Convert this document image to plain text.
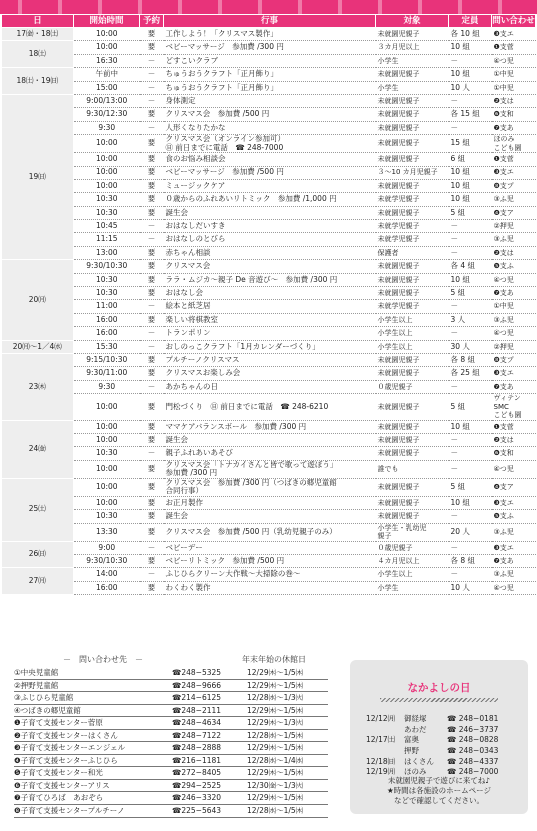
日	開始時間	予約	行事	対象	定員	問い合わせ
17㈮・18㈯	10:00	要	工作しよう！「クリスマス製作」	未就園児親子	各 10 組	❸支エ
18㈯	10:00	要	ベビーマッサージ　参加費 /300 円	３カ月児以上	10 組	❶支菅
	16:30	－	どすこいクラブ	小学生	－	④つ児
18㈯・19㈰	午前中	－	ちゅうおうクラフト「正月飾り」	未就園児親子	10 組	①中児
	15:00	－	ちゅうおうクラフト「正月飾り」	小学生	10 人	①中児
19㈰	9:00/13:00	－	身体測定	未就園児親子	－	❷支は
	9:30/12:30	要	クリスマス会　参加費 /500 円	未就園児親子	各 15 組	❻支和
	9:30	－	人形くなりたかな	未就園児親子	－	❼支あ
	10:00	要	クリスマス会（オンライン参加可）
㊐ 前日までに電話　☎ 248-7000	未就園児親子	15 組	ほのみ
こども園
	10:00	要	食のお悩み相談会	未就園児親子	6 組	❶支菅
	10:00	要	ベビーマッサージ　参加費 /500 円	３〜10 カ月児親子	10 組	❸支エ
	10:00	要	ミュージックケア	未就園児親子	10 組	❽支プ
	10:30	要	０歳からのふれあいリトミック　参加費 /1,000 円	未就学児親子	10 組	③ふ児
	10:30	要	誕生会	未就園児親子	5 組	❹支ア
	10:45	－	おはなしだいすき	未就学児親子	－	②押児
	11:15	－	おはなしのとびら	未就学児親子	－	③ふ児
	13:00	要	赤ちゃん相談	保護者	－	❷支は
20㈪	9:30/10:30	要	クリスマス会	未就園児親子	各 4 組	❺支ふ
	10:30	要	ララ・ムジカ〜親子 De 音遊び〜　参加費 /300 円	未就園児親子	10 組	④つ児
	10:30	要	おはなし会	未就園児親子	5 組	❼支あ
	11:00	－	絵本と紙芝居	未就学児親子	－	①中児
	16:00	要	楽しい将棋教室	小学生以上	3 人	③ふ児
	16:00	－	トランポリン	小学生以上	－	④つ児
20㈪〜1／4㈬	15:30	－	おしのっこクラフト「1月カレンダーづくり」	小学生以上	30 人	②押児
23㈭	9:15/10:30	要	プルチーノクリスマス	未就園児親子	各 8 組	❽支プ
	9:30/11:00	要	クリスマスお楽しみ会	未就園児親子	各 25 組	❸支エ
	9:30	－	あかちゃんの日	０歳児親子	－	❼支あ
	10:00	要	門松づくり　㊐ 前日までに電話　☎ 248-6210	未就園児親子	5 組	ヴィテンSMC
こども園
24㈮	10:00	要	ママケアバランスボール　参加費 /300 円	未就園児親子	10 組	❶支菅
	10:00	要	誕生会	未就園児親子	－	❷支は
	10:30	－	親子ふれあいあそび	未就園児親子	－	❻支和
	10:00	要	クリスマス会「トナカイさんと皆で歌って遊ぼう」
参加費 /300 円	誰でも	－	④つ児
25㈯	10:00	要	クリスマス会　参加費 /300 円（つばきの郷児童館
合同行事）	未就園児親子	5 組	❹支ア
	10:00	要	お正月製作	未就園児親子	10 組	❸支エ
	10:30	要	誕生会	未就園児親子	－	❺支ふ
	13:30	要	クリスマス会　参加費 /500 円（乳幼児親子のみ）	小学生・乳幼児
親子	20 人	③ふ児
26㈰	9:00	－	ベビーデー	０歳児親子	－	❸支エ
	9:30/10:30	要	ベビーリトミック　参加費 /500 円	４カ月児以上	各 8 組	❼支あ
27㈪	14:00	－	ふじひらクリーン大作戦〜大掃除の巻〜	小学生以上	－	③ふ児
	16:00	要	わくわく製作	小学生	10 人	④つ児
－　問い合わせ先　－	年末年始の休館日
①中央児童館	☎248−5325	12/29㈭〜1/5㈭
②押野児童館	☎248−9666	12/29㈭〜1/5㈭
③ふじひら児童館	☎214−6125	12/28㈬〜1/3㈫
④つばきの郷児童館	☎248−2111	12/29㈭〜1/5㈭
❶子育て支援センター菅原	☎248−4634	12/29㈭〜1/3㈫
❷子育て支援センターはくさん	☎248−7122	12/28㈬〜1/5㈭
❸子育て支援センターエンジェル	☎248−2888	12/29㈭〜1/5㈭
❹子育て支援センターふじひら	☎216−1181	12/28㈬〜1/4㈬
❺子育て支援センター和光	☎272−8405	12/29㈭〜1/5㈭
❻子育て支援センターアリス	☎294−2525	12/30㈮〜1/3㈫
❼子育てひろば　あおぞら	☎246−3320	12/29㈭〜1/5㈭
❽子育て支援センタープルチーノ	☎225−5643	12/28㈬〜1/5㈭
なかよしの日
12/12㈪	御経塚	☎ 248−0181
あわだ	☎ 246−3737
12/17㈯	富奥	☎ 248−0828
押野	☎ 248−0343
12/18㈰	はくさん	☎ 248−4337
12/19㈪	ほのみ	☎ 248−7000
未就園児親子で遊びに来てね♪
★時間は各施設のホームページ
などで確認してください。
